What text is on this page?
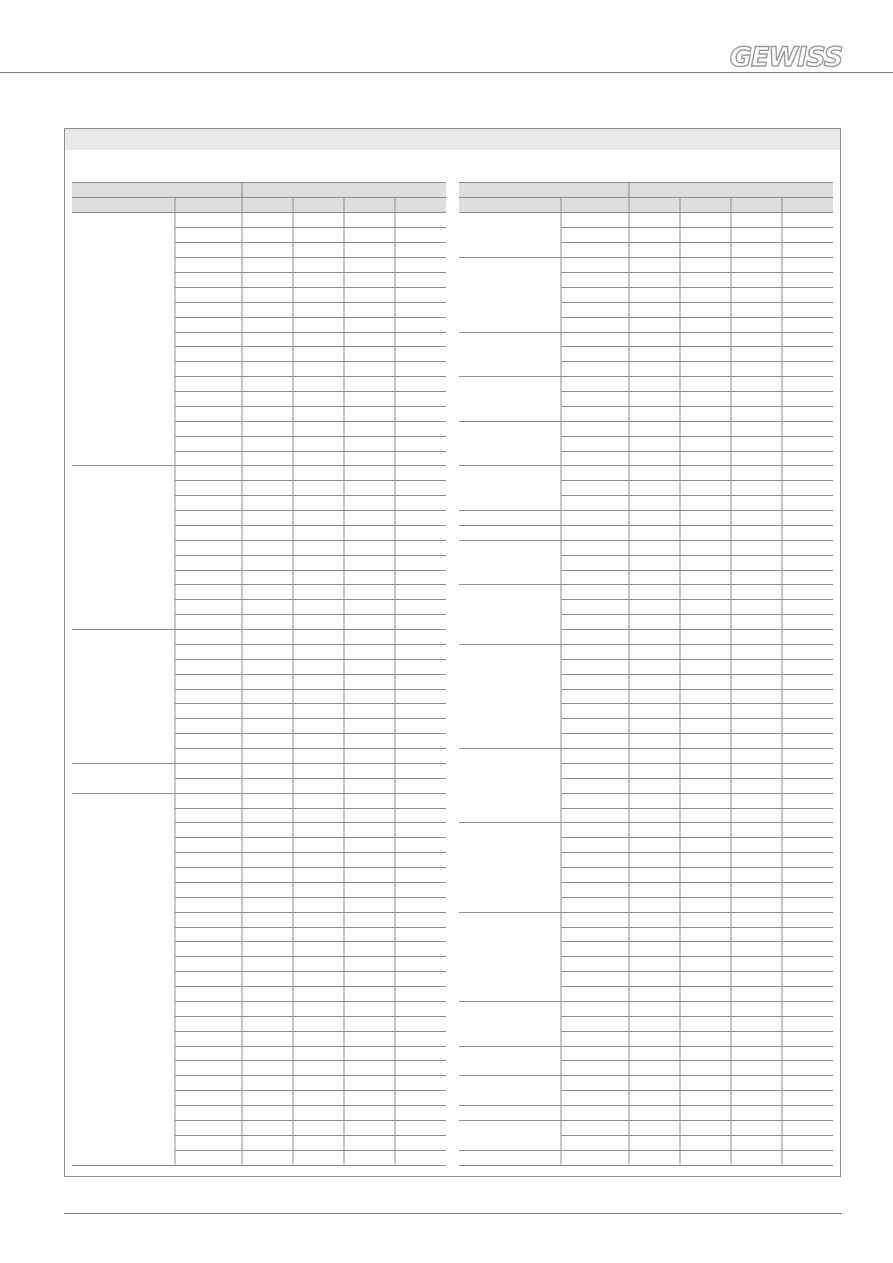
GEWISS
